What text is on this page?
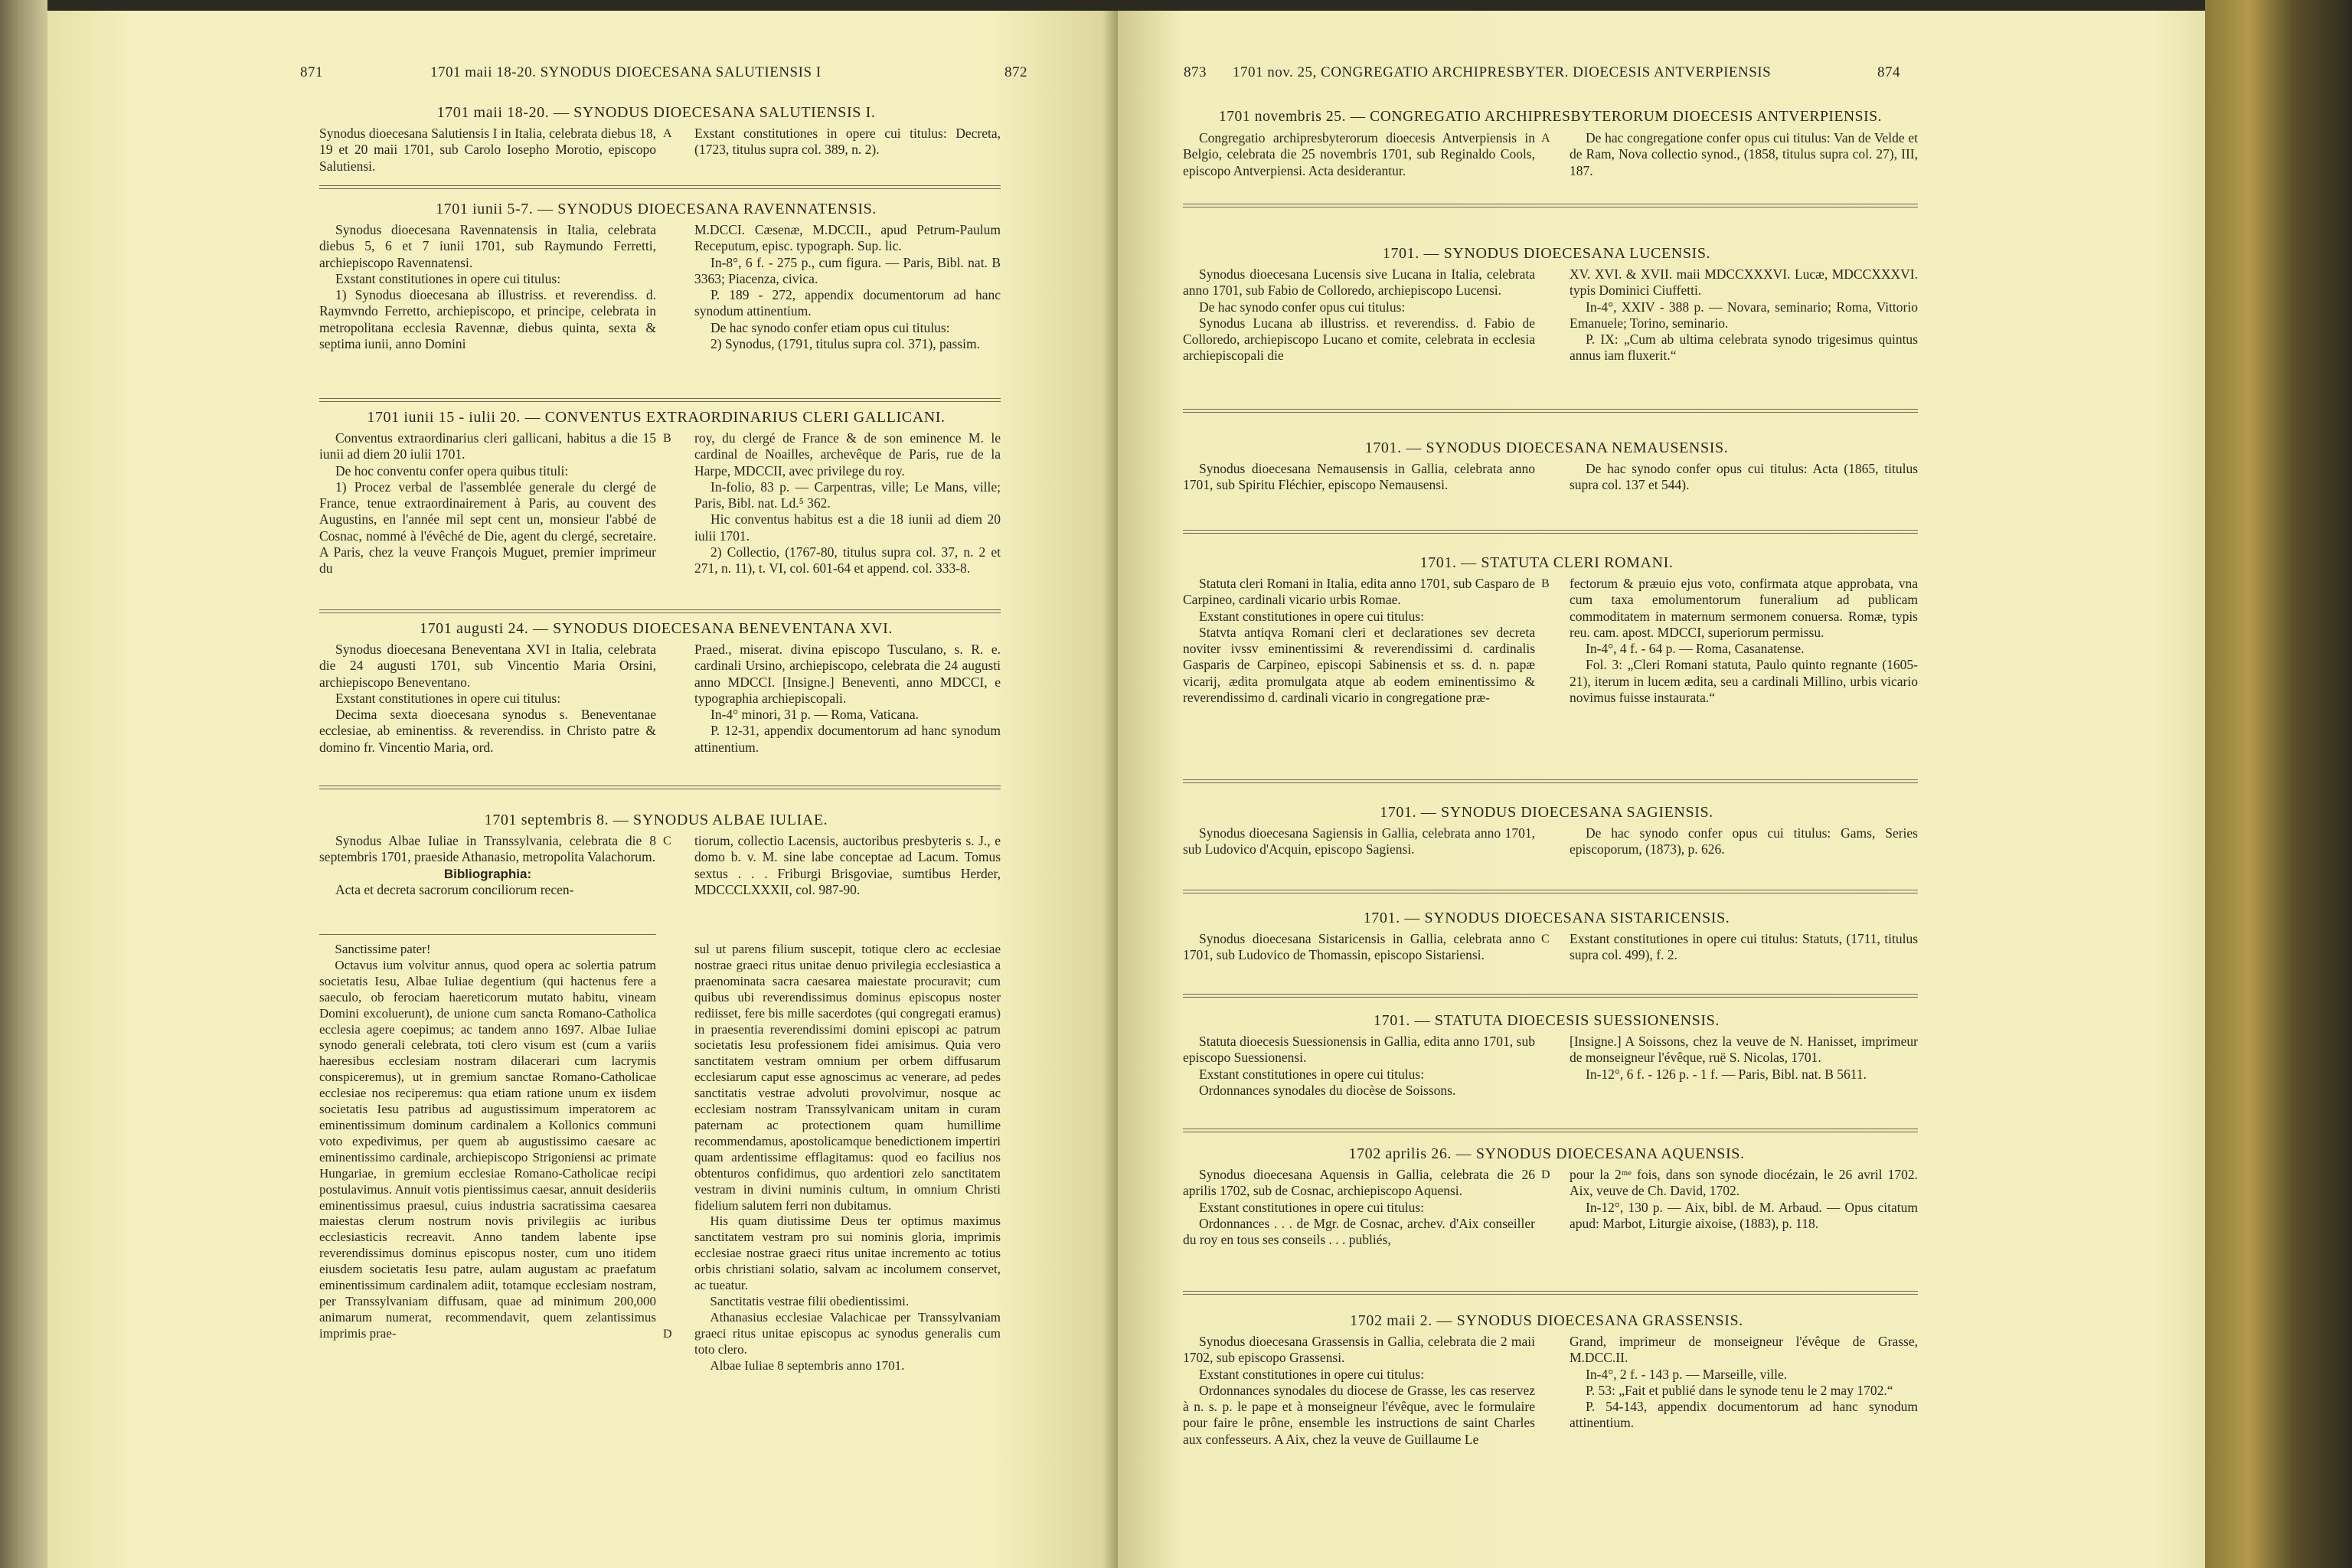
871	1701 maii 18-20. SYNODUS DIOECESANA SALUTIENSIS I	872
1701 maii 18-20. — SYNODUS DIOECESANA SALUTIENSIS I.

Synodus dioecesana Salutiensis I in Italia, celebrata diebus 18, 19 et 20 maii 1701, sub Carolo Iosepho Morotio, episcopo Salutiensi.

A Exstant constitutiones in opere cui titulus: Decreta, (1723, titulus supra col. 389, n. 2).

1701 iunii 5-7. — SYNODUS DIOECESANA RAVENNATENSIS.

Synodus dioecesana Ravennatensis in Italia, celebrata diebus 5, 6 et 7 iunii 1701, sub Raymundo Ferretti, archiepiscopo Ravennatensi.

Exstant constitutiones in opere cui titulus:

1) Synodus dioecesana ab illustriss. et reverendiss. d. Raymvndo Ferretto, archiepiscopo, et principe, celebrata in metropolitana ecclesia Ravennæ, diebus quinta, sexta & septima iunii, anno Domini

M.DCCI. Cæsenæ, M.DCCII., apud Petrum-Paulum Receputum, episc. typograph. Sup. lic.

In-8°, 6 f. - 275 p., cum figura. — Paris, Bibl. nat. B 3363; Piacenza, civica.

P. 189 - 272, appendix documentorum ad hanc synodum attinentium.

De hac synodo confer etiam opus cui titulus:

2) Synodus, (1791, titulus supra col. 371), passim.

1701 iunii 15 - iulii 20. — CONVENTUS EXTRAORDINARIUS CLERI GALLICANI.

Conventus extraordinarius cleri gallicani, habitus a die 15 iunii ad diem 20 iulii 1701.

De hoc conventu confer opera quibus tituli:

1) Procez verbal de l'assemblée generale du clergé de France, tenue extraordinairement à Paris, au couvent des Augustins, en l'année mil sept cent un, monsieur l'abbé de Cosnac, nommé à l'évêché de Die, agent du clergé, secretaire. A Paris, chez la veuve François Muguet, premier imprimeur du

B roy, du clergé de France & de son eminence M. le cardinal de Noailles, archevêque de Paris, rue de la Harpe, MDCCII, avec privilege du roy.

In-folio, 83 p. — Carpentras, ville; Le Mans, ville; Paris, Bibl. nat. Ld.⁵ 362.

Hic conventus habitus est a die 18 iunii ad diem 20 iulii 1701.

2) Collectio, (1767-80, titulus supra col. 37, n. 2 et 271, n. 11), t. VI, col. 601-64 et append. col. 333-8.

1701 augusti 24. — SYNODUS DIOECESANA BENEVENTANA XVI.

Synodus dioecesana Beneventana XVI in Italia, celebrata die 24 augusti 1701, sub Vincentio Maria Orsini, archiepiscopo Beneventano.

Exstant constitutiones in opere cui titulus:

Decima sexta dioecesana synodus s. Beneventanae ecclesiae, ab eminentiss. & reverendiss. in Christo patre & domino fr. Vincentio Maria, ord.

Praed., miserat. divina episcopo Tusculano, s. R. e. cardinali Ursino, archiepiscopo, celebrata die 24 augusti anno MDCCI. [Insigne.] Beneventi, anno MDCCI, e typographia archiepiscopali.

In-4° minori, 31 p. — Roma, Vaticana.

P. 12-31, appendix documentorum ad hanc synodum attinentium.

1701 septembris 8. — SYNODUS ALBAE IULIAE.

Synodus Albae Iuliae in Transsylvania, celebrata die 8 septembris 1701, praeside Athanasio, metropolita Valachorum.

Bibliographia:

Acta et decreta sacrorum conciliorum recen-

C tiorum, collectio Lacensis, auctoribus presbyteris s. J., e domo b. v. M. sine labe conceptae ad Lacum. Tomus sextus . . . Friburgi Brisgoviae, sumtibus Herder, MDCCCLXXXII, col. 987-90.

Sanctissime pater!

Octavus ium volvitur annus, quod opera ac solertia patrum societatis Iesu, Albae Iuliae degentium (qui hactenus fere a saeculo, ob ferociam haereticorum mutato habitu, vineam Domini excoluerunt), de unione cum sancta Romano-Catholica ecclesia agere coepimus; ac tandem anno 1697. Albae Iuliae synodo generali celebrata, toti clero visum est (cum a variis haeresibus ecclesiam nostram dilacerari cum lacrymis conspiceremus), ut in gremium sanctae Romano-Catholicae ecclesiae nos reciperemus: qua etiam ratione unum ex iisdem societatis Iesu patribus ad augustissimum imperatorem ac eminentissimum dominum cardinalem a Kollonics communi voto expedivimus, per quem ab augustissimo caesare ac eminentissimo cardinale, archiepiscopo Strigoniensi ac primate Hungariae, in gremium ecclesiae Romano-Catholicae recipi postulavimus. Annuit votis pientissimus caesar, annuit desideriis eminentissimus praesul, cuius industria sacratissima caesarea maiestas clerum nostrum novis privilegiis ac iuribus ecclesiasticis recreavit. Anno tandem labente ipse reverendissimus dominus episcopus noster, cum uno itidem eiusdem societatis Iesu patre, aulam augustam ac praefatum eminentissimum cardinalem adiit, totamque ecclesiam nostram, per Transsylvaniam diffusam, quae ad minimum 200,000 animarum numerat, recommendavit, quem zelantissimus imprimis prae-	D

sul ut parens filium suscepit, totique clero ac ecclesiae nostrae graeci ritus unitae denuo privilegia ecclesiastica a praenominata sacra caesarea maiestate procuravit; cum quibus ubi reverendissimus dominus episcopus noster rediisset, fere bis mille sacerdotes (qui congregati eramus) in praesentia reverendissimi domini episcopi ac patrum societatis Iesu professionem fidei amisimus. Quia vero sanctitatem vestram omnium per orbem diffusarum ecclesiarum caput esse agnoscimus ac venerare, ad pedes sanctitatis vestrae advoluti provolvimur, nosque ac ecclesiam nostram Transsylvanicam unitam in curam paternam ac protectionem quam humillime recommendamus, apostolicamque benedictionem impertiri quam ardentissime efflagitamus: quod eo facilius nos obtenturos confidimus, quo ardentiori zelo sanctitatem vestram in divini numinis cultum, in omnium Christi fidelium salutem ferri non dubitamus.

His quam diutissime Deus ter optimus maximus sanctitatem vestram pro sui nominis gloria, imprimis ecclesiae nostrae graeci ritus unitae incremento ac totius orbis christiani solatio, salvam ac incolumem conservet, ac tueatur.

Sanctitatis vestrae filii obedientissimi.

Athanasius ecclesiae Valachicae per Transsylvaniam graeci ritus unitae episcopus ac synodus generalis cum toto clero.

Albae Iuliae 8 septembris anno 1701.

873 1701 nov. 25, CONGREGATIO ARCHIPRESBYTER. DIOECESIS ANTVERPIENSIS	874
1701 novembris 25. — CONGREGATIO ARCHIPRESBYTERORUM DIOECESIS ANTVERPIENSIS.

Congregatio archipresbyterorum dioecesis Antverpiensis in Belgio, celebrata die 25 novembris 1701, sub Reginaldo Cools, episcopo Antverpiensi. Acta desiderantur.

A	De hac congregatione confer opus cui titulus: Van de Velde et de Ram, Nova collectio synod., (1858, titulus supra col. 27), III, 187.

1701. — SYNODUS DIOECESANA LUCENSIS.

Synodus dioecesana Lucensis sive Lucana in Italia, celebrata anno 1701, sub Fabio de Colloredo, archiepiscopo Lucensi.

De hac synodo confer opus cui titulus:

Synodus Lucana ab illustriss. et reverendiss. d. Fabio de Colloredo, archiepiscopo Lucano et comite, celebrata in ecclesia archiepiscopali die

XV. XVI. & XVII. maii MDCCXXXVI. Lucæ, MDCCXXXVI. typis Dominici Ciuffetti.

In-4°, XXIV - 388 p. — Novara, seminario; Roma, Vittorio Emanuele; Torino, seminario.

P. IX: „Cum ab ultima celebrata synodo trigesimus quintus annus iam fluxerit.“

1701. — SYNODUS DIOECESANA NEMAUSENSIS.

Synodus dioecesana Nemausensis in Gallia, celebrata anno 1701, sub Spiritu Fléchier, episcopo Nemausensi.

De hac synodo confer opus cui titulus: Acta (1865, titulus supra col. 137 et 544).

1701. — STATUTA CLERI ROMANI.

Statuta cleri Romani in Italia, edita anno 1701, sub Casparo de Carpineo, cardinali vicario urbis Romae.

Exstant constitutiones in opere cui titulus:

Statvta antiqva Romani cleri et declarationes sev decreta noviter ivssv eminentissimi & reverendissimi d. cardinalis Gasparis de Carpineo, episcopi Sabinensis et ss. d. n. papæ vicarij, ædita promulgata atque ab eodem eminentissimo & reverendissimo d. cardinali vicario in congregatione præ-

B fectorum & præuio ejus voto, confirmata atque approbata, vna cum taxa emolumentorum funeralium ad publicam commoditatem in maternum sermonem conuersa. Romæ, typis reu. cam. apost. MDCCI, superiorum permissu.

In-4°, 4 f. - 64 p. — Roma, Casanatense.

Fol. 3: „Cleri Romani statuta, Paulo quinto regnante (1605-21), iterum in lucem ædita, seu a cardinali Millino, urbis vicario novimus fuisse instaurata.“

1701. — SYNODUS DIOECESANA SAGIENSIS.

Synodus dioecesana Sagiensis in Gallia, celebrata anno 1701, sub Ludovico d'Acquin, episcopo Sagiensi.

De hac synodo confer opus cui titulus: Gams, Series episcoporum, (1873), p. 626.

1701. — SYNODUS DIOECESANA SISTARICENSIS.

Synodus dioecesana Sistaricensis in Gallia, celebrata anno 1701, sub Ludovico de Thomassin, episcopo Sistariensi.

C Exstant constitutiones in opere cui titulus: Statuts, (1711, titulus supra col. 499), f. 2.

1701. — STATUTA DIOECESIS SUESSIONENSIS.

Statuta dioecesis Suessionensis in Gallia, edita anno 1701, sub episcopo Suessionensi.

Exstant constitutiones in opere cui titulus:

Ordonnances synodales du diocèse de Soissons.

[Insigne.] A Soissons, chez la veuve de N. Hanisset, imprimeur de monseigneur l'évêque, ruë S. Nicolas, 1701.

In-12°, 6 f. - 126 p. - 1 f. — Paris, Bibl. nat. B 5611.

1702 aprilis 26. — SYNODUS DIOECESANA AQUENSIS.

Synodus dioecesana Aquensis in Gallia, celebrata die 26 aprilis 1702, sub de Cosnac, archiepiscopo Aquensi.

Exstant constitutiones in opere cui titulus:

Ordonnances . . . de Mgr. de Cosnac, archev. d'Aix conseiller du roy en tous ses conseils . . . publiés,

D pour la 2ᵐᵉ fois, dans son synode diocézain, le 26 avril 1702. Aix, veuve de Ch. David, 1702.

In-12°, 130 p. — Aix, bibl. de M. Arbaud. — Opus citatum apud: Marbot, Liturgie aixoise, (1883), p. 118.

1702 maii 2. — SYNODUS DIOECESANA GRASSENSIS.

Synodus dioecesana Grassensis in Gallia, celebrata die 2 maii 1702, sub episcopo Grassensi.

Exstant constitutiones in opere cui titulus:

Ordonnances synodales du diocese de Grasse, les cas reservez à n. s. p. le pape et à monseigneur l'évêque, avec le formulaire pour faire le prône, ensemble les instructions de saint Charles aux confesseurs. A Aix, chez la veuve de Guillaume Le

Grand, imprimeur de monseigneur l'évêque de Grasse, M.DCC.II.

In-4°, 2 f. - 143 p. — Marseille, ville.

P. 53: „Fait et publié dans le synode tenu le 2 may 1702.“

P. 54-143, appendix documentorum ad hanc synodum attinentium.
